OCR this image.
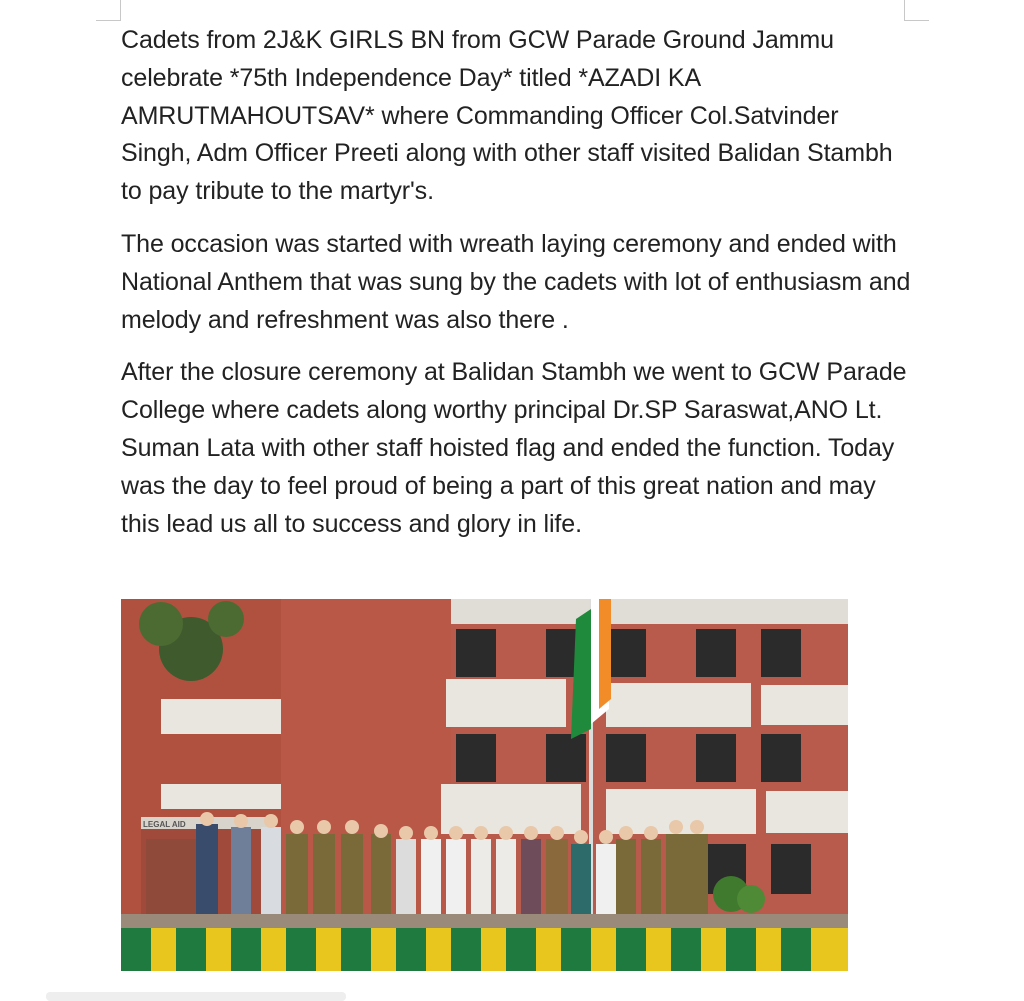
Cadets from 2J&K GIRLS BN from GCW Parade Ground Jammu celebrate *75th Independence Day* titled *AZADI KA AMRUTMAHOUTSAV* where Commanding Officer Col.Satvinder Singh, Adm Officer Preeti along with other staff visited Balidan Stambh to pay tribute to the martyr's.

The occasion was started with wreath laying ceremony and ended with National Anthem that was sung by the cadets with lot of enthusiasm and melody and refreshment was also there .

After the closure ceremony at Balidan Stambh we went to GCW Parade College where cadets along worthy principal Dr.SP Saraswat,ANO Lt. Suman Lata with other staff hoisted flag and ended the function. Today was the day to feel proud of being a part of this great nation and may this lead us all to success and glory in life.

LEGAL AID
